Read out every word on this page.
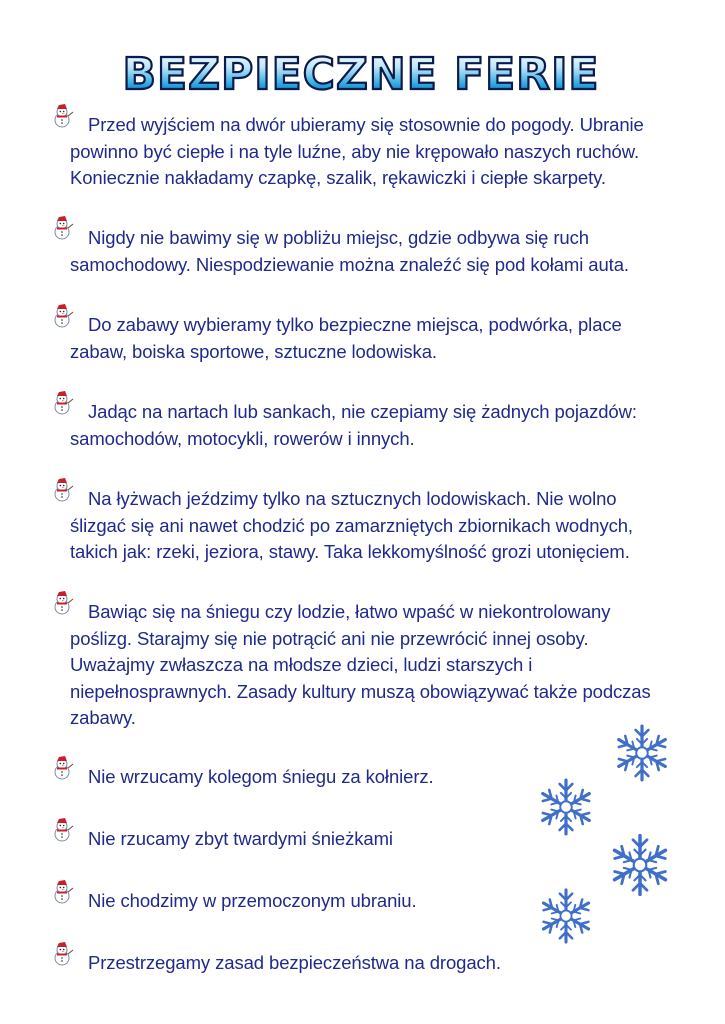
BEZPIECZNE FERIE
Przed wyjściem na dwór ubieramy się stosownie do pogody. Ubranie powinno być ciepłe i na tyle luźne, aby nie krępowało naszych ruchów. Koniecznie nakładamy czapkę, szalik, rękawiczki i ciepłe skarpety.
Nigdy nie bawimy się w pobliżu miejsc, gdzie odbywa się ruch samochodowy. Niespodziewanie można znaleźć się pod kołami auta.
Do zabawy wybieramy tylko bezpieczne miejsca, podwórka, place zabaw, boiska sportowe, sztuczne lodowiska.
Jadąc na nartach lub sankach, nie czepiamy się żadnych pojazdów: samochodów, motocykli, rowerów i innych.
Na łyżwach jeździmy tylko na sztucznych lodowiskach. Nie wolno ślizgać się ani nawet chodzić po zamarzniętych zbiornikach wodnych, takich jak: rzeki, jeziora, stawy. Taka lekkomyślność grozi utonięciem.
Bawiąc się na śniegu czy lodzie, łatwo wpaść w niekontrolowany poślizg. Starajmy się nie potrącić ani nie przewrócić innej osoby. Uważajmy zwłaszcza na młodsze dzieci, ludzi starszych i niepełnosprawnych. Zasady kultury muszą obowiązywać także podczas zabawy.
Nie wrzucamy kolegom śniegu za kołnierz.
Nie rzucamy zbyt twardymi śnieżkami
Nie chodzimy w przemoczonym ubraniu.
Przestrzegamy zasad bezpieczeństwa na drogach.
